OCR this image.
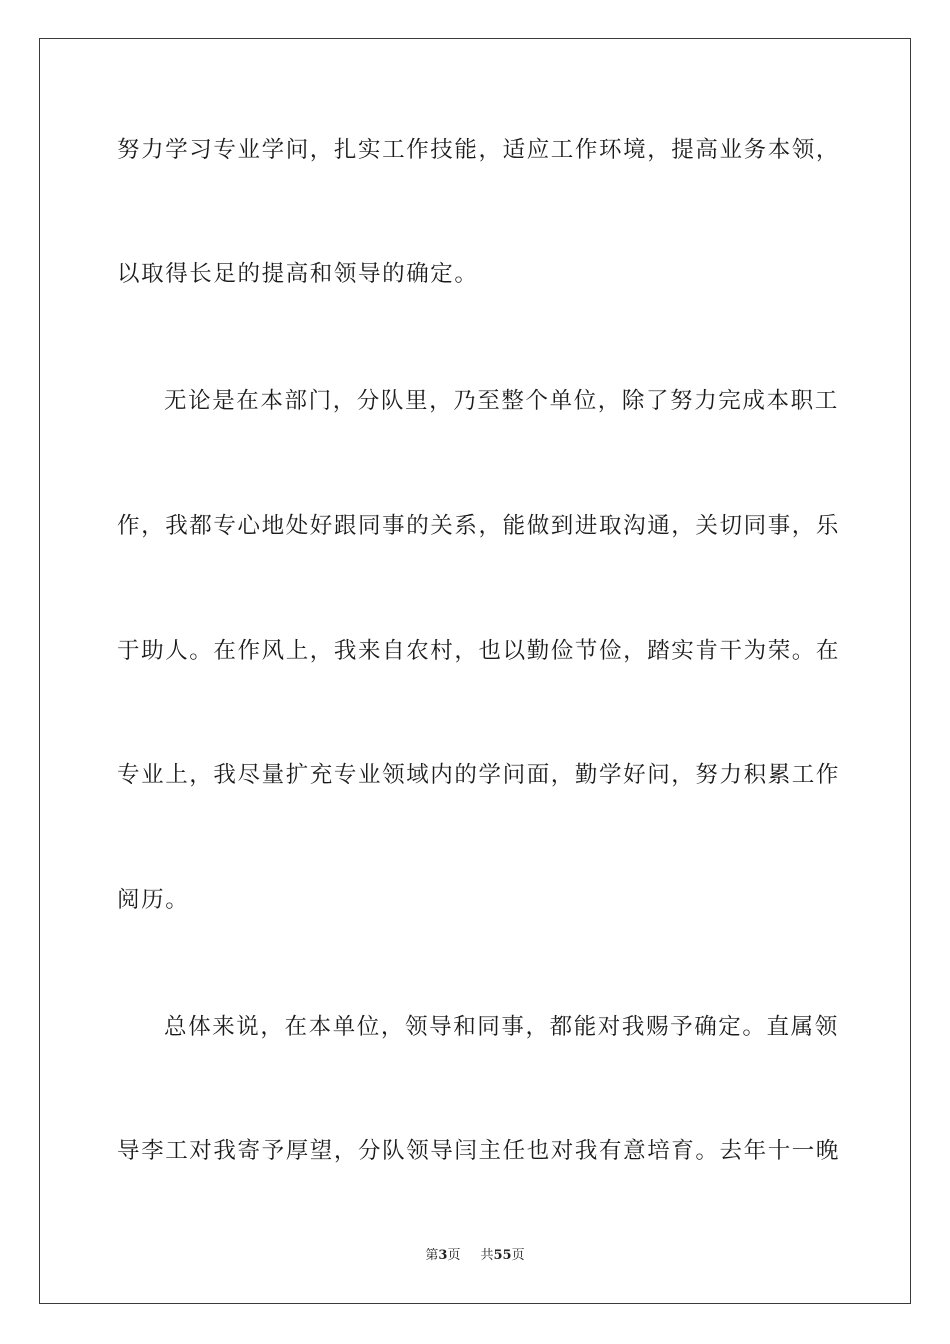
努力学习专业学问，扎实工作技能，适应工作环境，提高业务本领，
以取得长足的提高和领导的确定。
无论是在本部门，分队里，乃至整个单位，除了努力完成本职工
作，我都专心地处好跟同事的关系，能做到进取沟通，关切同事，乐
于助人。在作风上，我来自农村，也以勤俭节俭，踏实肯干为荣。在
专业上，我尽量扩充专业领域内的学问面，勤学好问，努力积累工作
阅历。
总体来说，在本单位，领导和同事，都能对我赐予确定。直属领
导李工对我寄予厚望，分队领导闫主任也对我有意培育。去年十一晚
第3页 共55页
